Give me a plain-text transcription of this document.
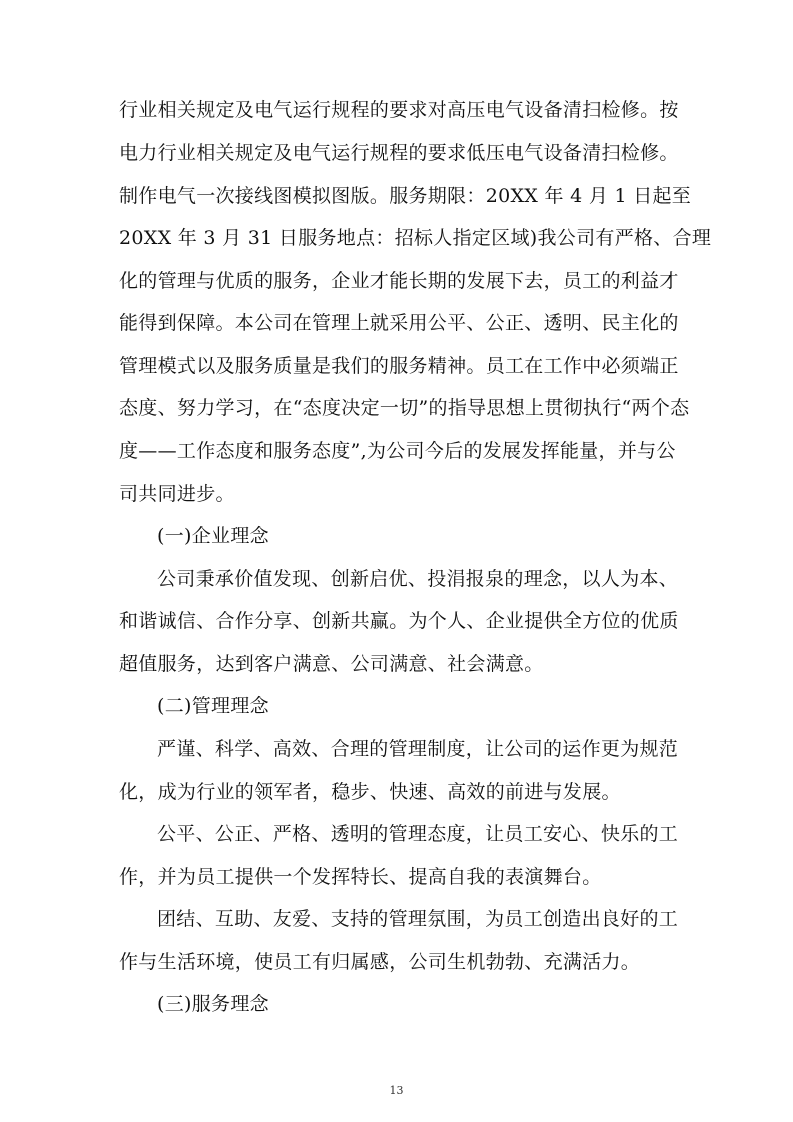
行业相关规定及电气运行规程的要求对高压电气设备清扫检修。按
电力行业相关规定及电气运行规程的要求低压电气设备清扫检修。
制作电气一次接线图模拟图版。服务期限：20XX 年 4 月 1 日起至
20XX 年 3 月 31 日服务地点：招标人指定区域)我公司有严格、合理
化的管理与优质的服务，企业才能长期的发展下去，员工的利益才
能得到保障。本公司在管理上就采用公平、公正、透明、民主化的
管理模式以及服务质量是我们的服务精神。员工在工作中必须端正
态度、努力学习，在“态度决定一切”的指导思想上贯彻执行“两个态
度——工作态度和服务态度”,为公司今后的发展发挥能量，并与公
司共同进步。
(一)企业理念
公司秉承价值发现、创新启优、投涓报泉的理念，以人为本、
和谐诚信、合作分享、创新共赢。为个人、企业提供全方位的优质
超值服务，达到客户满意、公司满意、社会满意。
(二)管理理念
严谨、科学、高效、合理的管理制度，让公司的运作更为规范
化，成为行业的领军者，稳步、快速、高效的前进与发展。
公平、公正、严格、透明的管理态度，让员工安心、快乐的工
作，并为员工提供一个发挥特长、提高自我的表演舞台。
团结、互助、友爱、支持的管理氛围，为员工创造出良好的工
作与生活环境，使员工有归属感，公司生机勃勃、充满活力。
(三)服务理念
13
